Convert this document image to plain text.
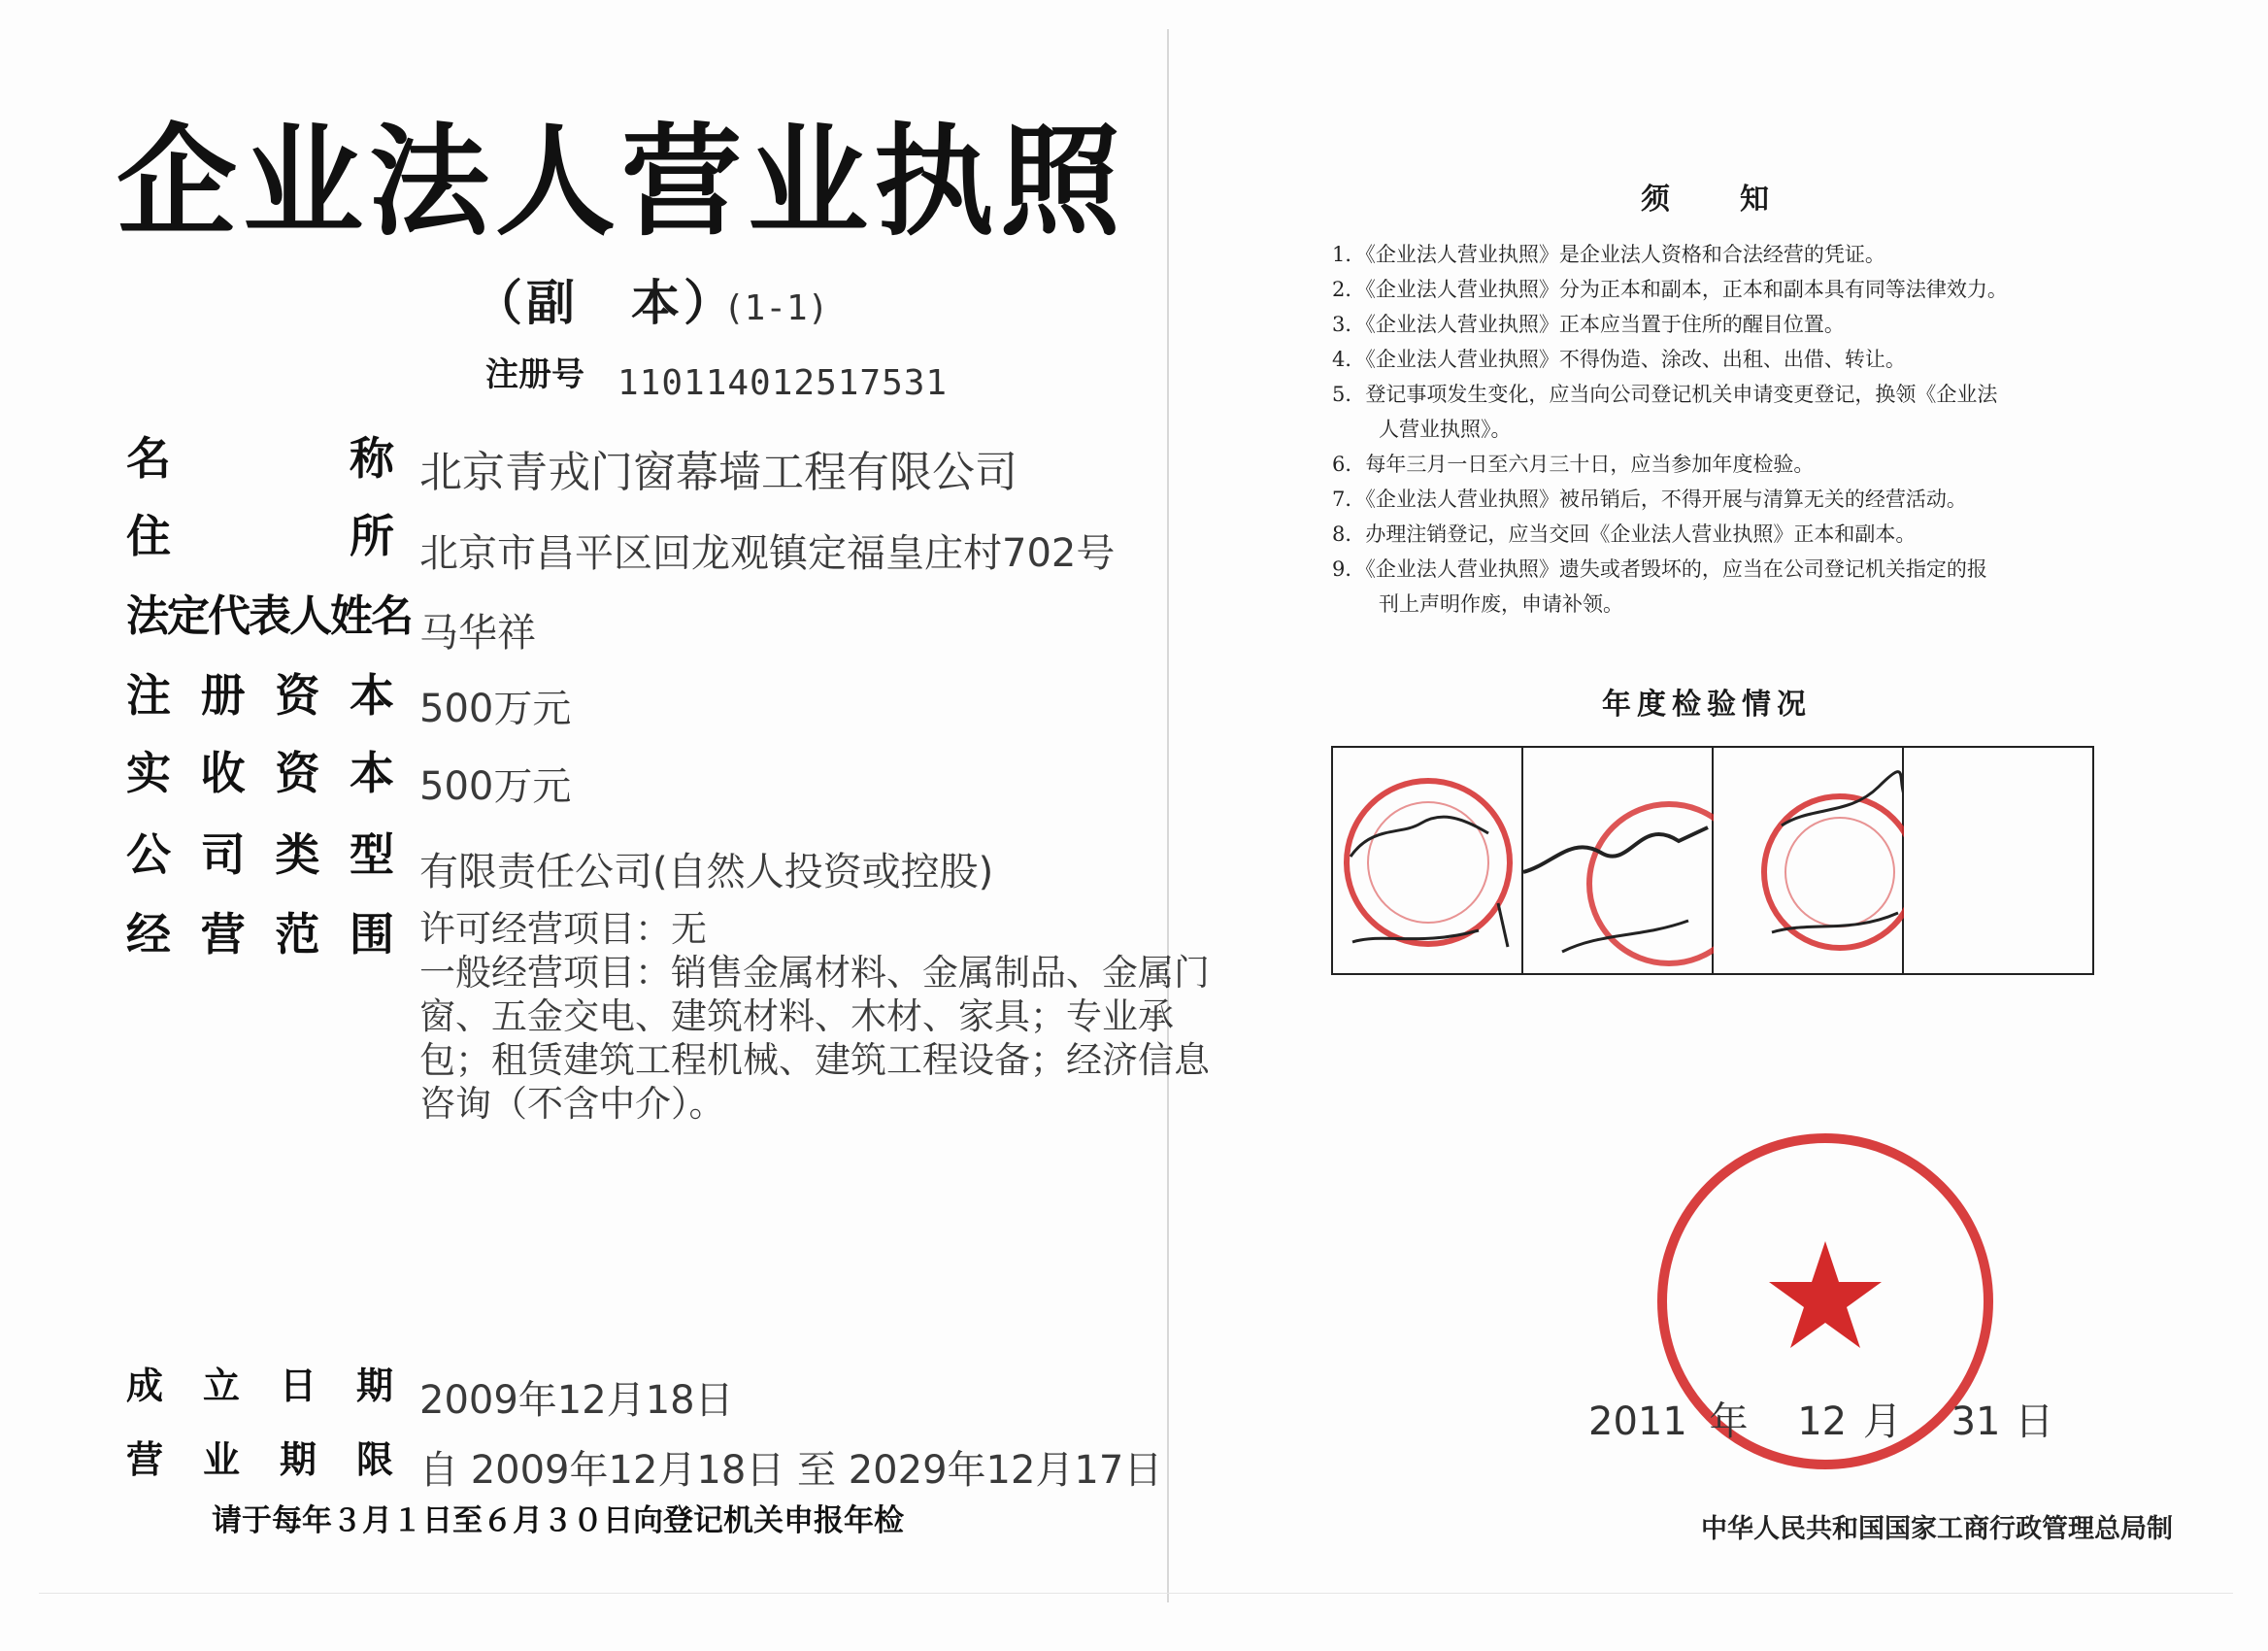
企业法人营业执照
（副　本）
(1-1)
注册号 110114012517531
名称 北京青戎门窗幕墙工程有限公司
住所 北京市昌平区回龙观镇定福皇庄村702号
法定代表人姓名 马华祥
注册资本 500万元
实收资本 500万元
公司类型 有限责任公司(自然人投资或控股)
经营范围 许可经营项目：无
一般经营项目：销售金属材料、金属制品、金属门
窗、五金交电、建筑材料、木材、家具；专业承
包；租赁建筑工程机械、建筑工程设备；经济信息
咨询（不含中介）。
成立日期 2009年12月18日
营业期限 自 2009年12月18日 至 2029年12月17日
请于每年３月１日至６月３０日向登记机关申报年检
须知
1．《企业法人营业执照》是企业法人资格和合法经营的凭证。
2．《企业法人营业执照》分为正本和副本，正本和副本具有同等法律效力。
3．《企业法人营业执照》正本应当置于住所的醒目位置。
4．《企业法人营业执照》不得伪造、涂改、出租、出借、转让。
5．登记事项发生变化，应当向公司登记机关申请变更登记，换领《企业法
人营业执照》。
6．每年三月一日至六月三十日，应当参加年度检验。
7．《企业法人营业执照》被吊销后，不得开展与清算无关的经营活动。
8．办理注销登记，应当交回《企业法人营业执照》正本和副本。
9．《企业法人营业执照》遗失或者毁坏的，应当在公司登记机关指定的报
刊上声明作废，申请补领。
年度检验情况
2011 年 12 月 31 日
中华人民共和国国家工商行政管理总局制
